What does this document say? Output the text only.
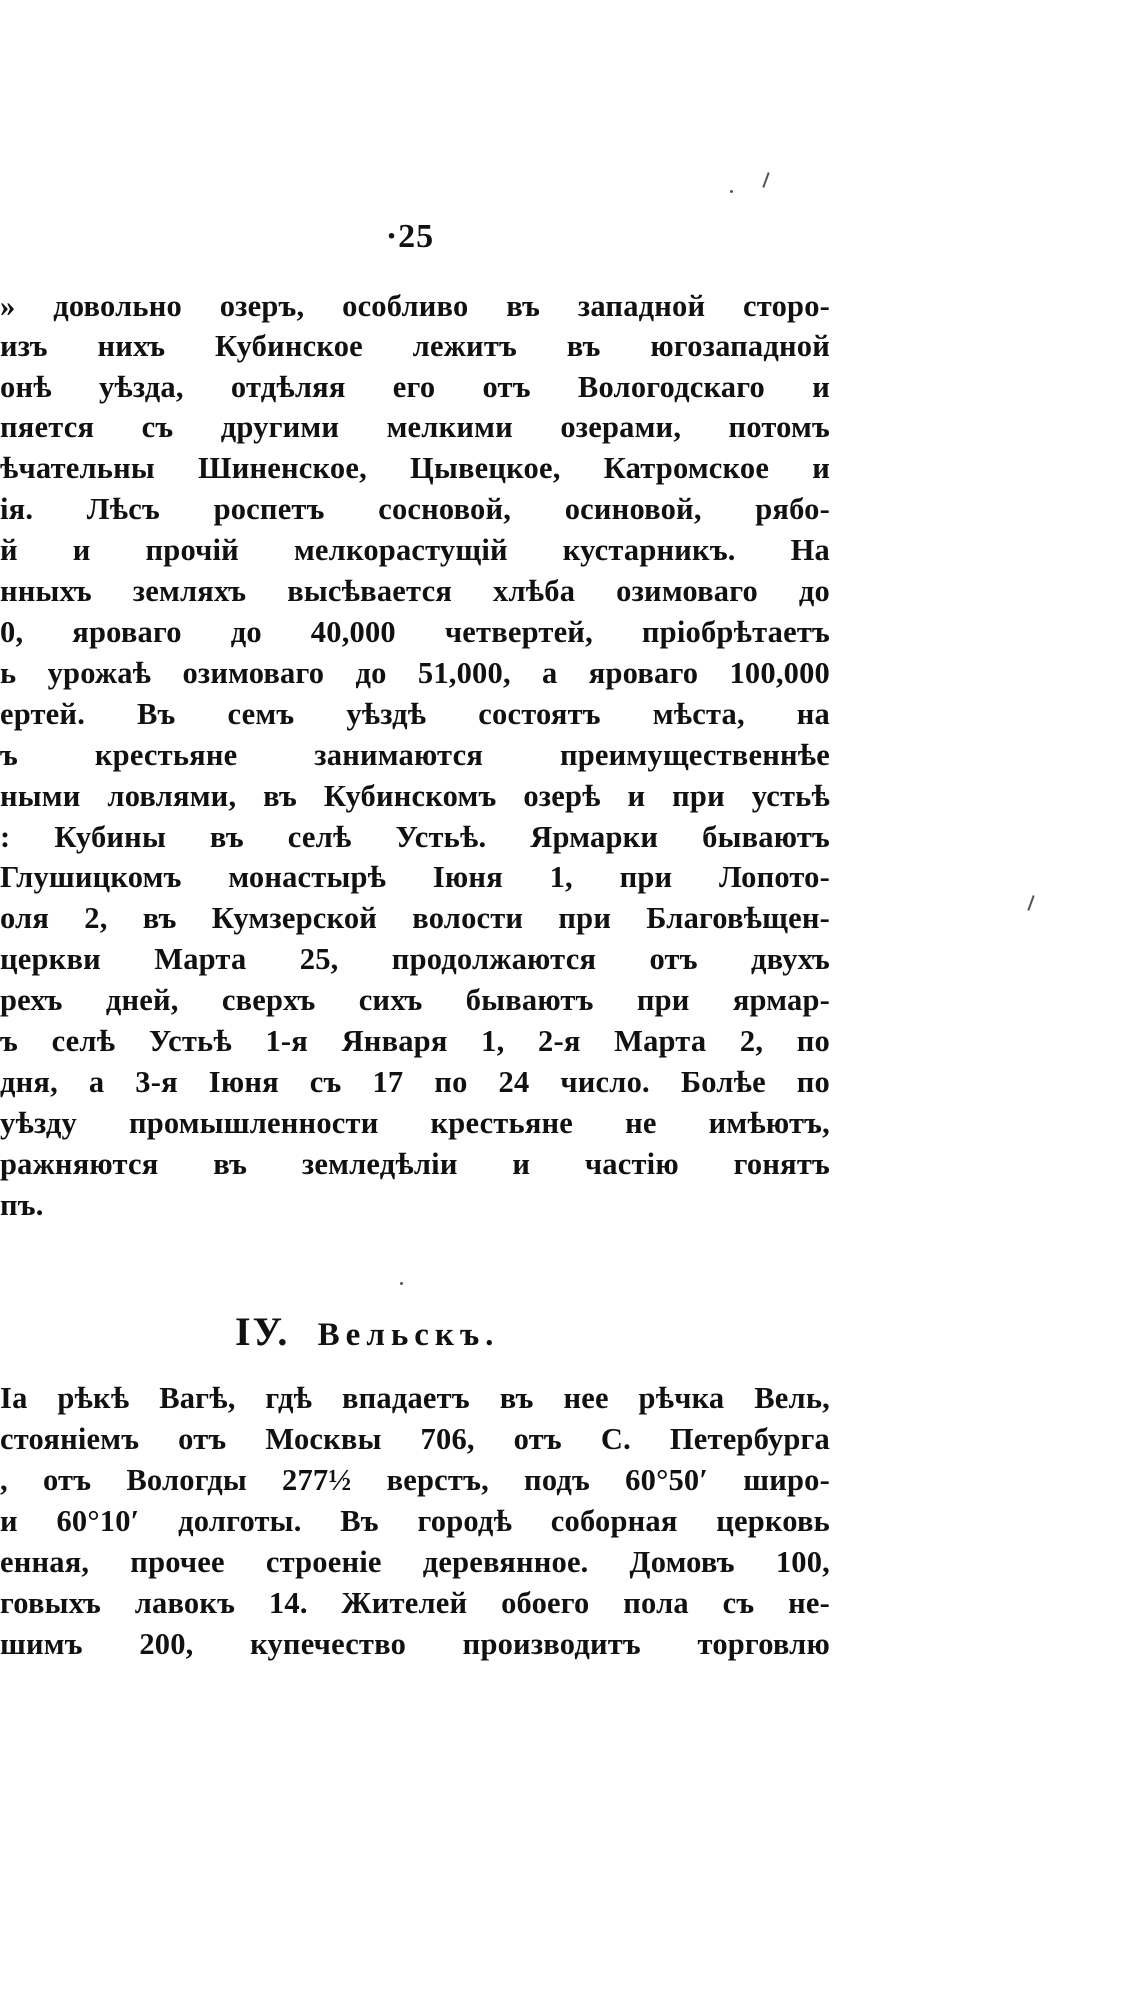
·25
» довольно озеръ, особливо въ западной сторо-
изъ нихъ Кубинское лежитъ въ югозападной
онѣ уѣзда, отдѣляя его отъ Вологодскаго и
пяется съ другими мелкими озерами, потомъ
ѣчательны Шиненское, Цывецкое, Катромское и
ія. Лѣсъ роспетъ сосновой, осиновой, рябо-
й и прочій мелкорастущій кустарникъ. На
нныхъ земляхъ высѣвается хлѣба озимоваго до
0, яроваго до 40,000 четвертей, пріобрѣтаетъ
ь урожаѣ озимоваго до 51,000, а яроваго 100,000
ертей. Въ семъ уѣздѣ состоятъ мѣста, на
ъ крестьяне занимаются преимущественнѣе
ными ловлями, въ Кубинскомъ озерѣ и при устьѣ
: Кубины въ селѣ Устьѣ. Ярмарки бываютъ
Глушицкомъ монастырѣ Іюня 1, при Лопото-
оля 2, въ Кумзерской волости при Благовѣщен-
церкви Марта 25, продолжаются отъ двухъ
рехъ дней, сверхъ сихъ бываютъ при ярмар-
ъ селѣ Устьѣ 1-я Января 1, 2-я Марта 2, по
дня, а 3-я Іюня съ 17 по 24 число. Болѣе по
уѣзду промышленности крестьяне не имѣютъ,
ражняются въ земледѣліи и частію гонятъ
пъ.
IУ. Вельскъ.
Іа рѣкѣ Вагѣ, гдѣ впадаетъ въ нее рѣчка Вель,
стояніемъ отъ Москвы 706, отъ С. Петербурга
, отъ Вологды 277½ верстъ, подъ 60°50′ широ-
и 60°10′ долготы. Въ городѣ соборная церковь
енная, прочее строеніе деревянное. Домовъ 100,
говыхъ лавокъ 14. Жителей обоего пола съ не-
шимъ 200, купечество производитъ торговлю
